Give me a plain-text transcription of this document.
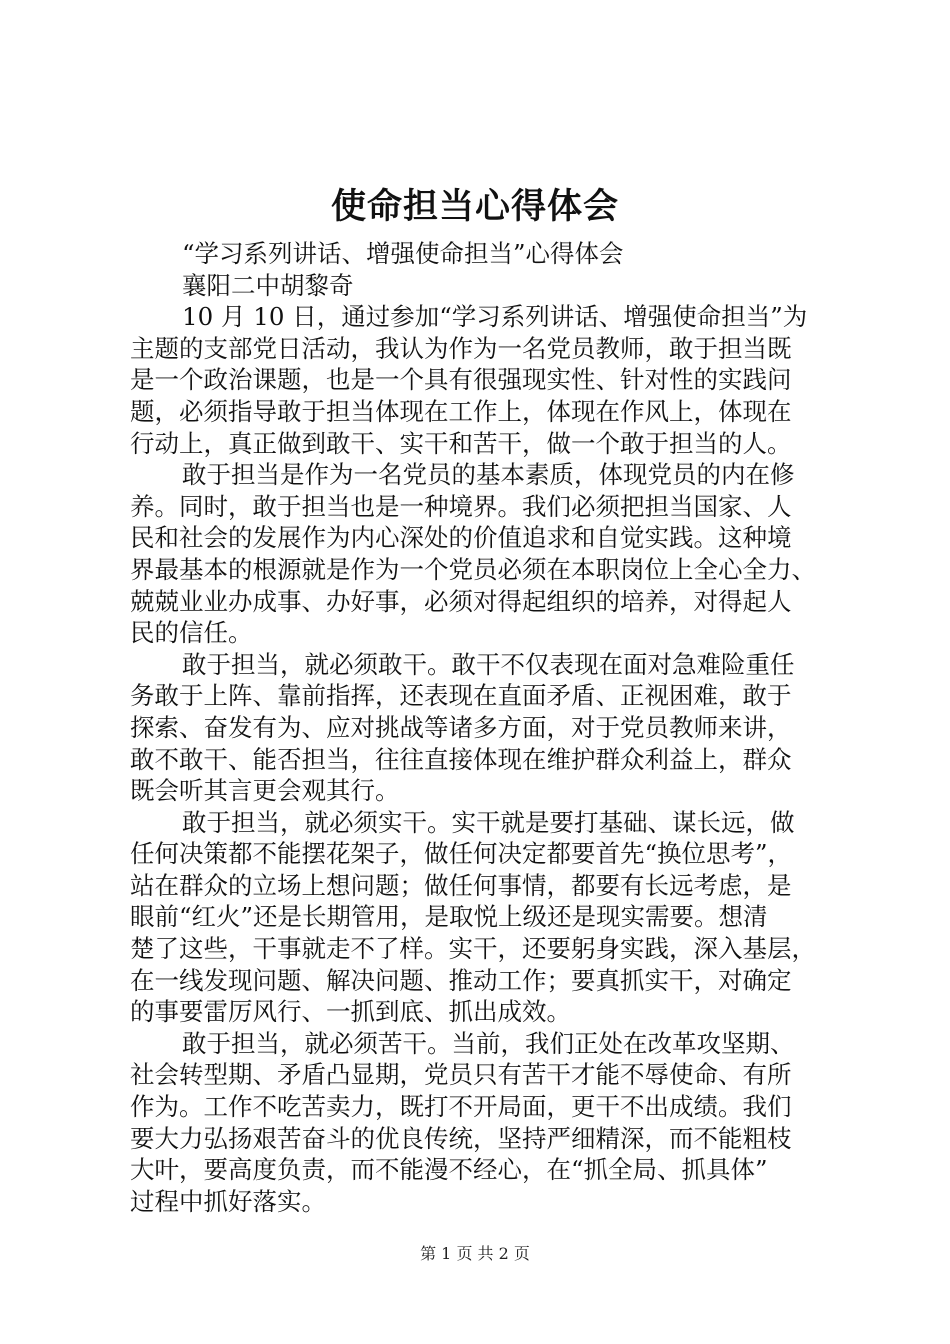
使命担当心得体会
“学习系列讲话、增强使命担当”心得体会
襄阳二中胡黎奇
10 月 10 日，通过参加“学习系列讲话、增强使命担当”为
主题的支部党日活动，我认为作为一名党员教师，敢于担当既
是一个政治课题，也是一个具有很强现实性、针对性的实践问
题，必须指导敢于担当体现在工作上，体现在作风上，体现在
行动上，真正做到敢干、实干和苦干，做一个敢于担当的人。
敢于担当是作为一名党员的基本素质，体现党员的内在修
养。同时，敢于担当也是一种境界。我们必须把担当国家、人
民和社会的发展作为内心深处的价值追求和自觉实践。这种境
界最基本的根源就是作为一个党员必须在本职岗位上全心全力、
兢兢业业办成事、办好事，必须对得起组织的培养，对得起人
民的信任。
敢于担当，就必须敢干。敢干不仅表现在面对急难险重任
务敢于上阵、靠前指挥，还表现在直面矛盾、正视困难，敢于
探索、奋发有为、应对挑战等诸多方面，对于党员教师来讲，
敢不敢干、能否担当，往往直接体现在维护群众利益上，群众
既会听其言更会观其行。
敢于担当，就必须实干。实干就是要打基础、谋长远，做
任何决策都不能摆花架子，做任何决定都要首先“换位思考”，
站在群众的立场上想问题；做任何事情，都要有长远考虑，是
眼前“红火”还是长期管用，是取悦上级还是现实需要。想清
楚了这些，干事就走不了样。实干，还要躬身实践，深入基层，
在一线发现问题、解决问题、推动工作；要真抓实干，对确定
的事要雷厉风行、一抓到底、抓出成效。
敢于担当，就必须苦干。当前，我们正处在改革攻坚期、
社会转型期、矛盾凸显期，党员只有苦干才能不辱使命、有所
作为。工作不吃苦卖力，既打不开局面，更干不出成绩。我们
要大力弘扬艰苦奋斗的优良传统，坚持严细精深，而不能粗枝
大叶，要高度负责，而不能漫不经心，在“抓全局、抓具体”
过程中抓好落实。
第 1 页 共 2 页
